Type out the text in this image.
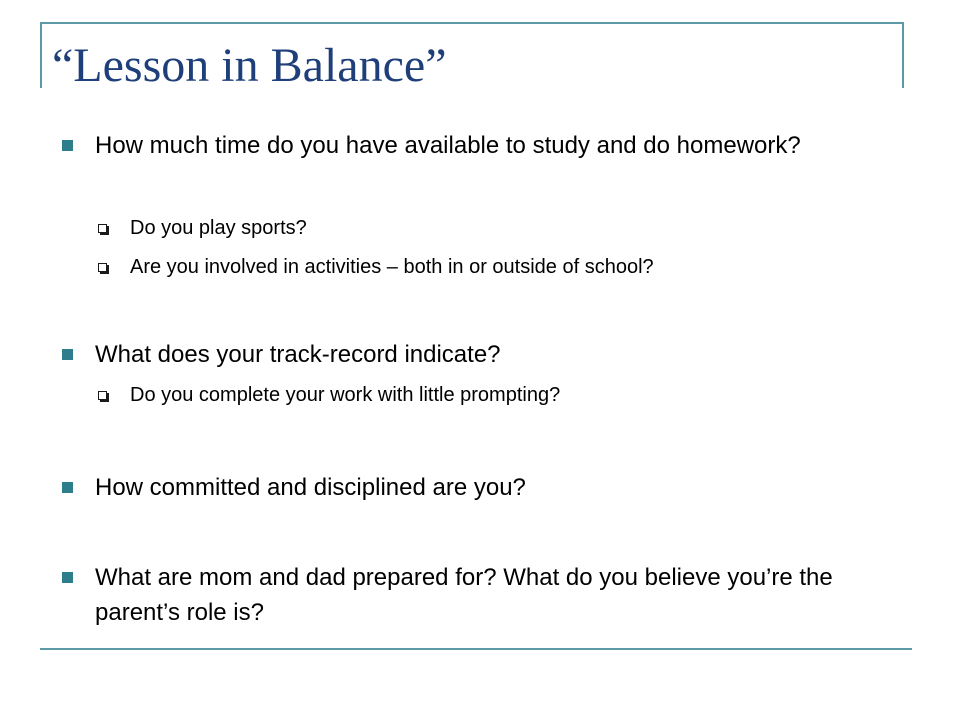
“Lesson in Balance”
How much time do you have available to study and do homework?
Do you play sports?
Are you involved in activities – both in or outside of school?
What does your track-record indicate?
Do you complete your work with little prompting?
How committed and disciplined are you?
What are mom and dad prepared for? What do you believe you’re the parent’s role is?
